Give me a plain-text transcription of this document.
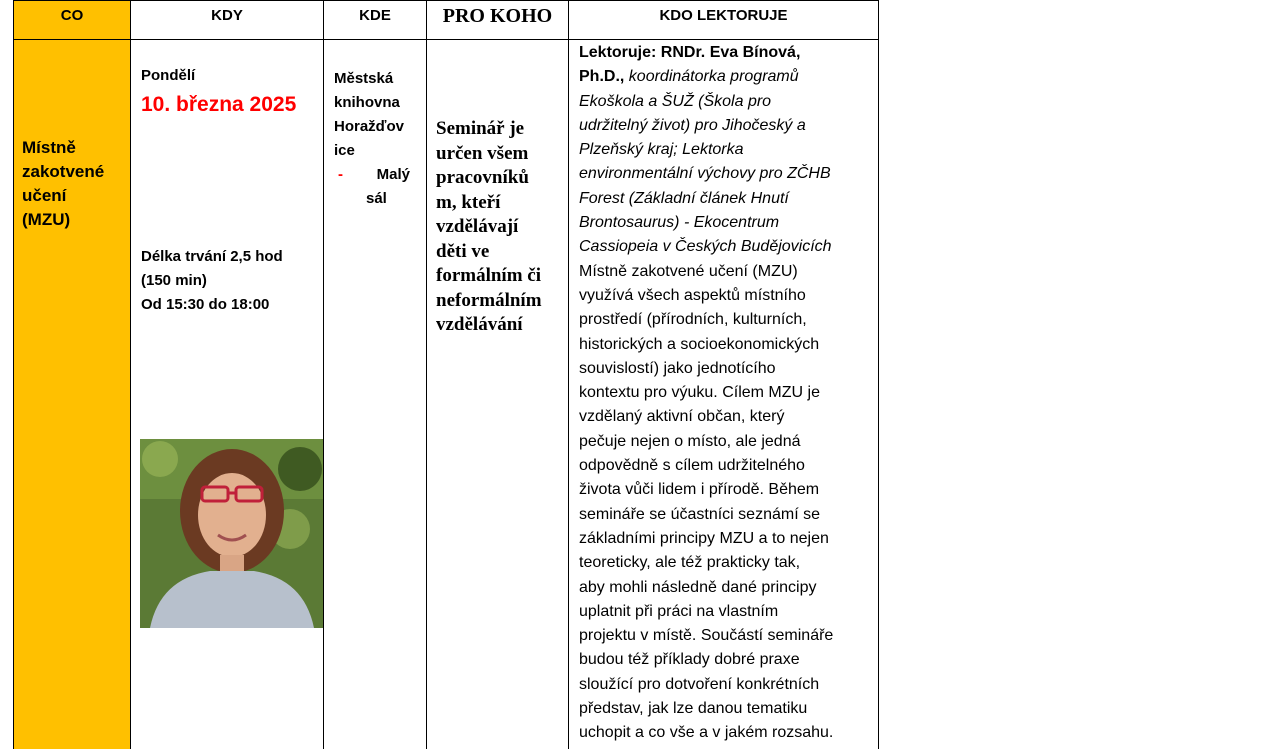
CO
Místně
zakotvené
učení
(MZU)
KDY
Pondělí
10. března 2025
Délka trvání 2,5 hod
(150 min)
Od 15:30 do 18:00
KDE
Městská
knihovna
Horažďov
ice
-	Malý
sál
PRO KOHO
Seminář je
určen všem
pracovníků
m, kteří
vzdělávají
děti ve
formálním či
neformálním
vzdělávání
KDO LEKTORUJE
Lektoruje: RNDr. Eva Bínová,
Ph.D., koordinátorka programů
Ekoškola a ŠUŽ (Škola pro
udržitelný život) pro Jihočeský a
Plzeňský kraj; Lektorka
environmentální výchovy pro ZČHB
Forest (Základní článek Hnutí
Brontosaurus) - Ekocentrum
Cassiopeia v Českých Budějovicích
Místně zakotvené učení (MZU)
využívá všech aspektů místního
prostředí (přírodních, kulturních,
historických a socioekonomických
souvislostí) jako jednotícího
kontextu pro výuku. Cílem MZU je
vzdělaný aktivní občan, který
pečuje nejen o místo, ale jedná
odpovědně s cílem udržitelného
života vůči lidem i přírodě. Během
semináře se účastníci seznámí se
základními principy MZU a to nejen
teoreticky, ale též prakticky tak,
aby mohli následně dané principy
uplatnit při práci na vlastním
projektu v místě. Součástí semináře
budou též příklady dobré praxe
sloužící pro dotvoření konkrétních
představ, jak lze danou tematiku
uchopit a co vše a v jakém rozsahu.
